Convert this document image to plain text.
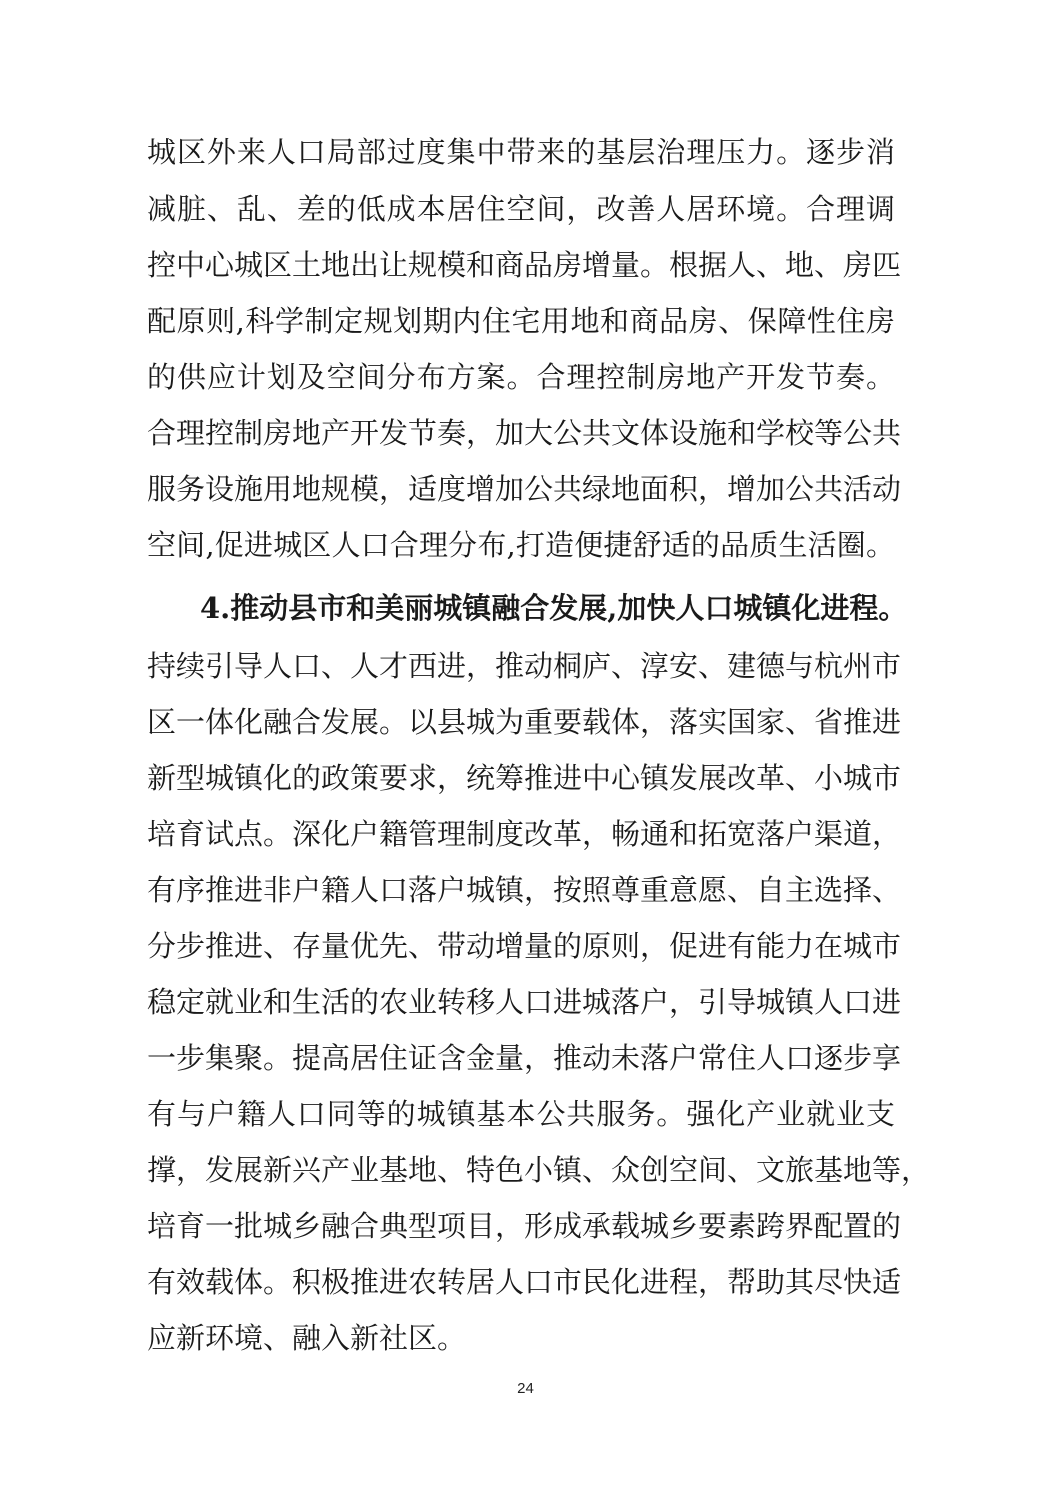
城区外来人口局部过度集中带来的基层治理压力。逐步消
减脏、乱、差的低成本居住空间，改善人居环境。合理调
控中心城区土地出让规模和商品房增量。根据人、地、房匹
配原则,科学制定规划期内住宅用地和商品房、保障性住房
的供应计划及空间分布方案。合理控制房地产开发节奏。
合理控制房地产开发节奏，加大公共文体设施和学校等公共
服务设施用地规模，适度增加公共绿地面积，增加公共活动
空间,促进城区人口合理分布,打造便捷舒适的品质生活圈。
4.推动县市和美丽城镇融合发展,加快人口城镇化进程。
持续引导人口、人才西进，推动桐庐、淳安、建德与杭州市
区一体化融合发展。以县城为重要载体，落实国家、省推进
新型城镇化的政策要求，统筹推进中心镇发展改革、小城市
培育试点。深化户籍管理制度改革，畅通和拓宽落户渠道，
有序推进非户籍人口落户城镇，按照尊重意愿、自主选择、
分步推进、存量优先、带动增量的原则，促进有能力在城市
稳定就业和生活的农业转移人口进城落户，引导城镇人口进
一步集聚。提高居住证含金量，推动未落户常住人口逐步享
有与户籍人口同等的城镇基本公共服务。强化产业就业支
撑，发展新兴产业基地、特色小镇、众创空间、文旅基地等，
培育一批城乡融合典型项目，形成承载城乡要素跨界配置的
有效载体。积极推进农转居人口市民化进程，帮助其尽快适
应新环境、融入新社区。
24
